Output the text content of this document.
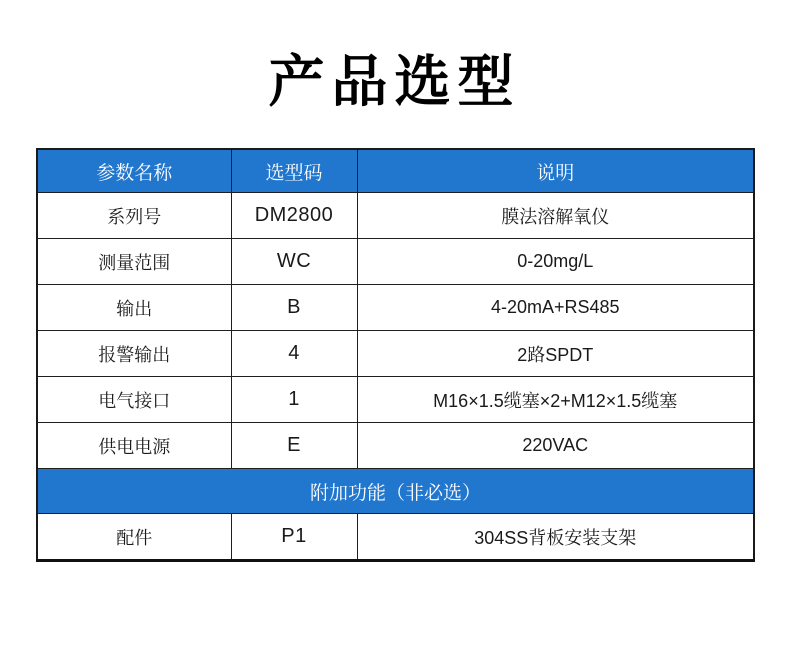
产品选型
参数名称	选型码	说明
系列号	DM2800	膜法溶解氧仪
测量范围	WC	0-20mg/L
输出	B	4-20mA+RS485
报警输出	4	2路SPDT
电气接口	1	M16×1.5缆塞×2+M12×1.5缆塞
供电电源	E	220VAC
附加功能（非必选）		
配件	P1	304SS背板安装支架
